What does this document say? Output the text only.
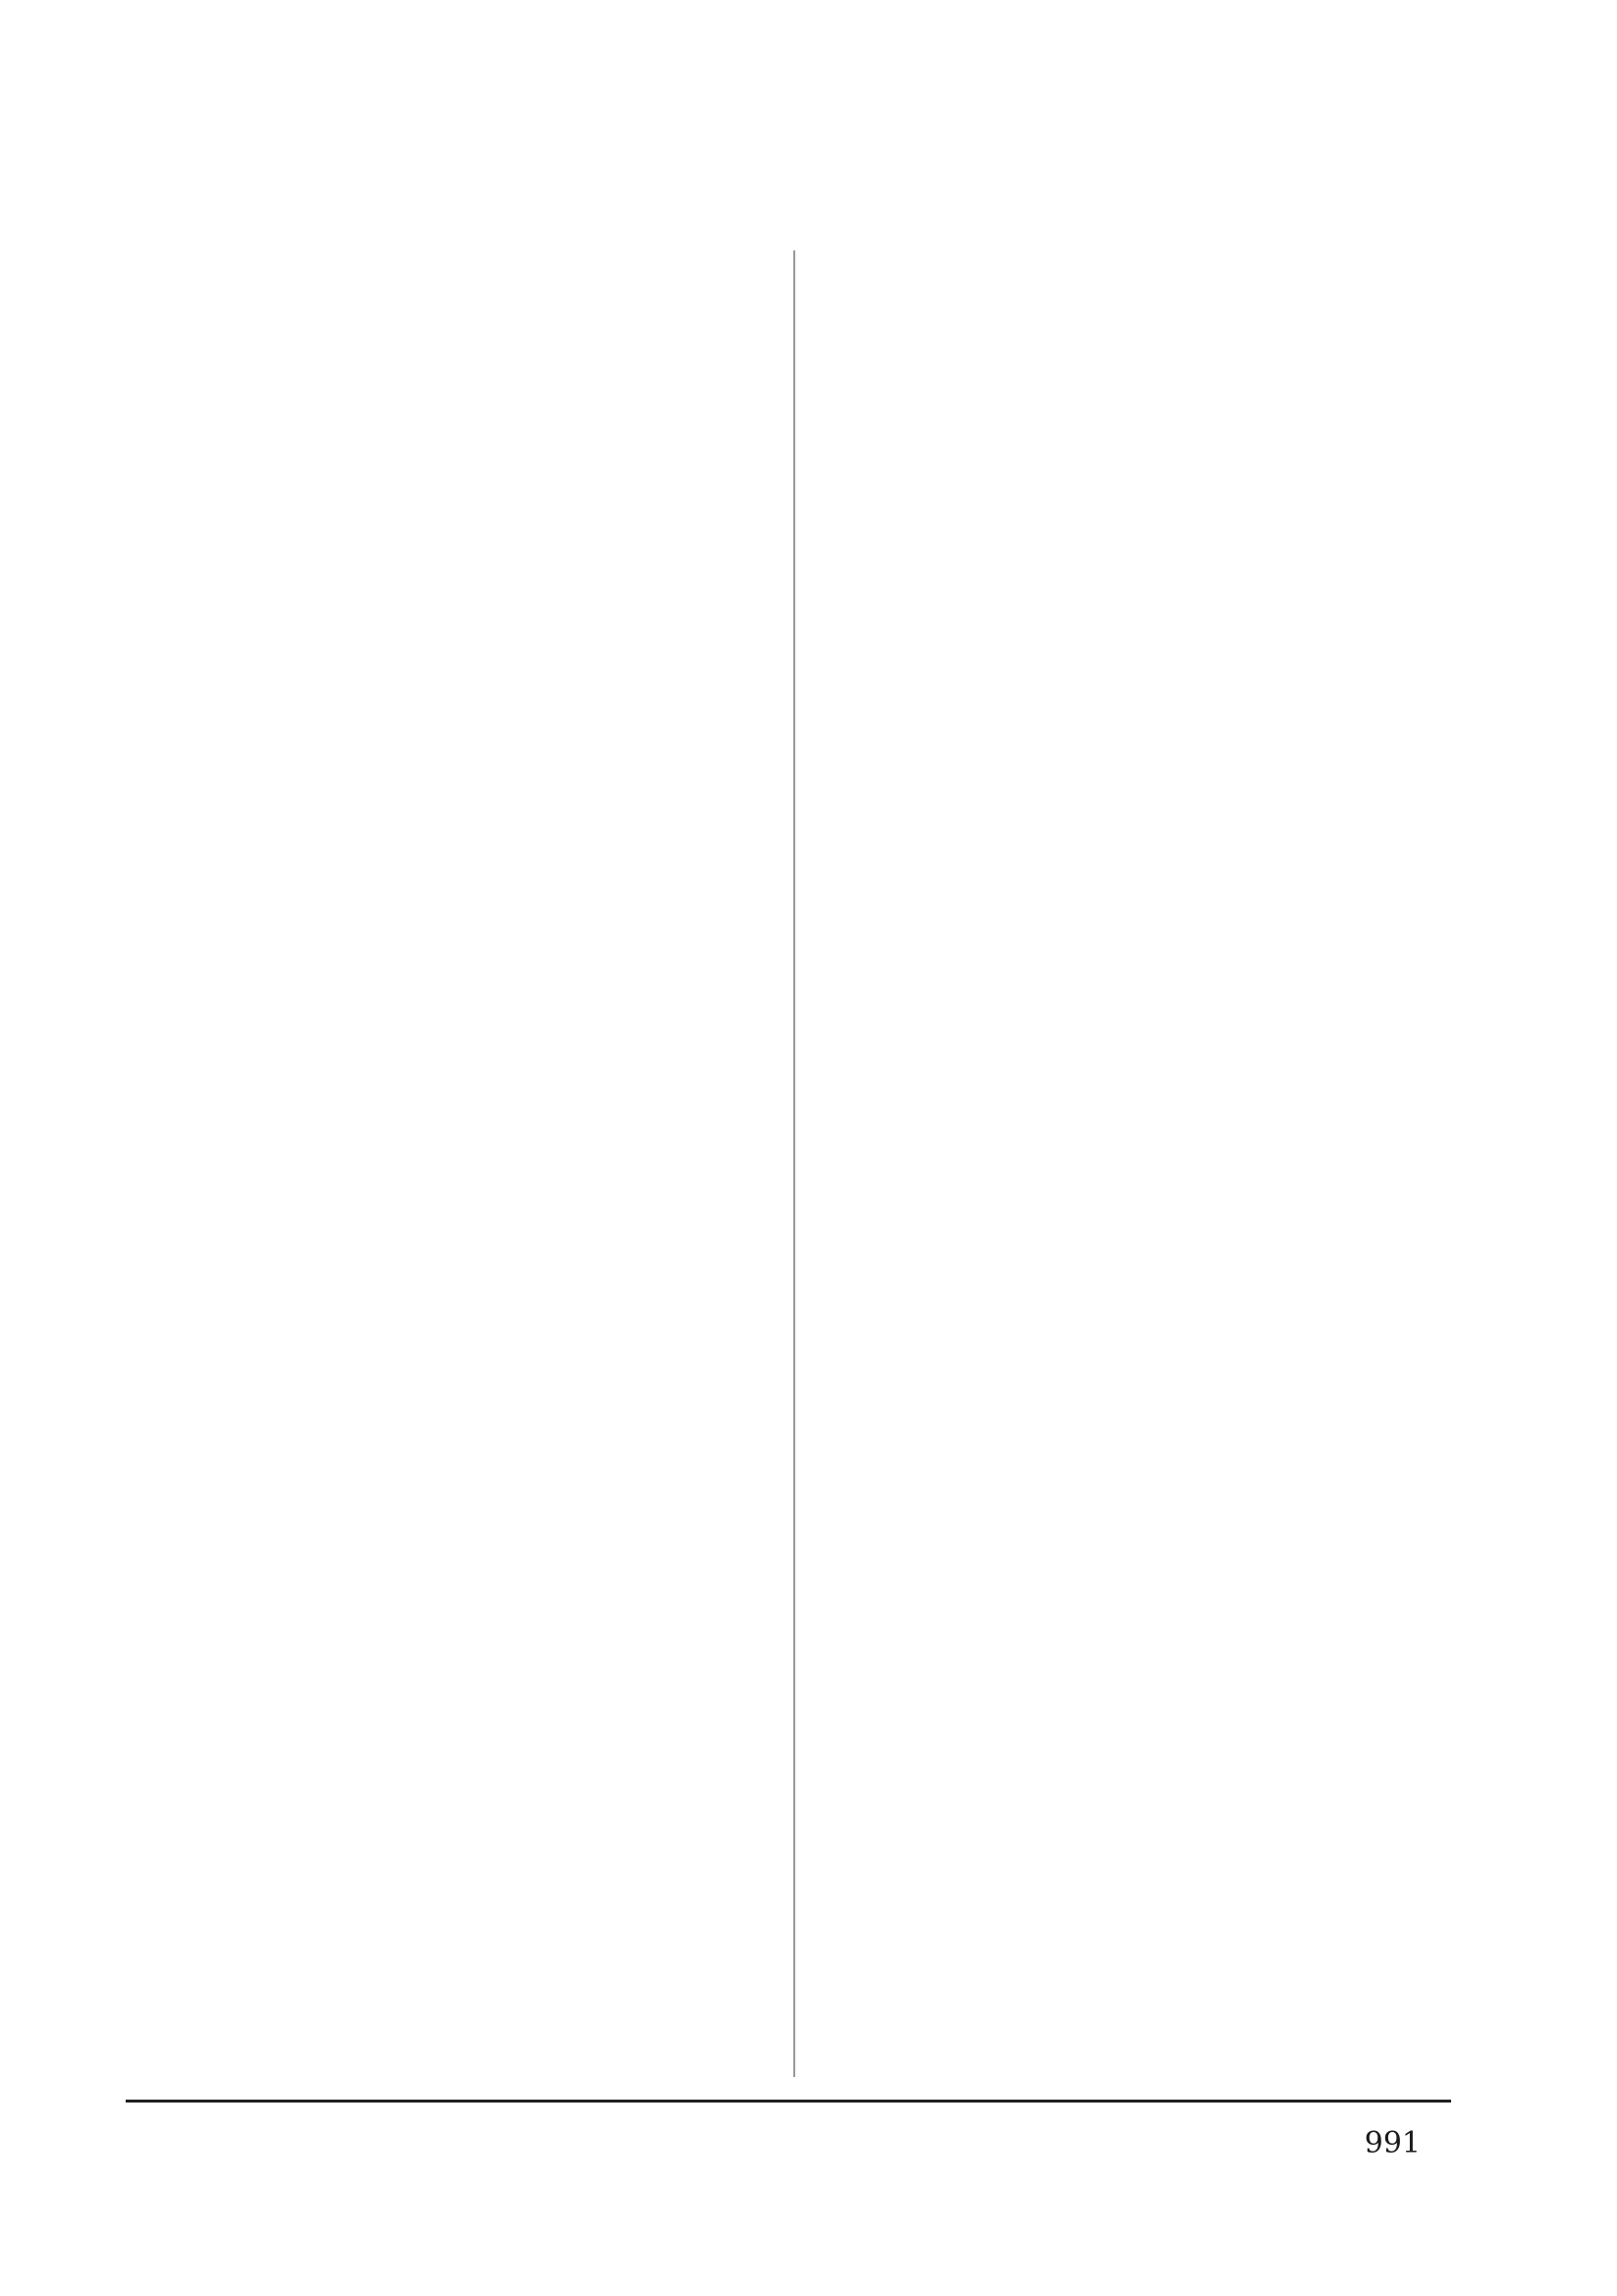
991
